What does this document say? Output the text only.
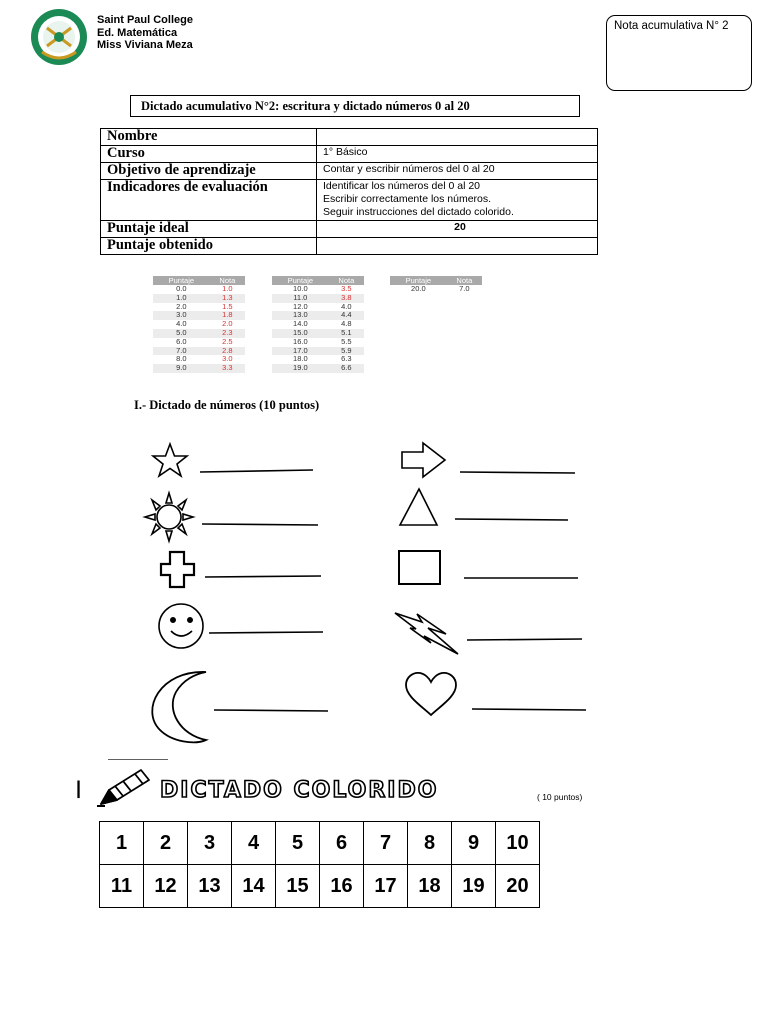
Saint Paul College
Ed. Matemática
Miss Viviana Meza
Nota acumulativa N° 2
Dictado acumulativo N°2: escritura y dictado números 0 al 20
Nombre	
Curso	1° Básico
Objetivo de aprendizaje	Contar y escribir números del 0 al 20
Indicadores de evaluación	Identificar los números del 0 al 20
Escribir correctamente los números.
Seguir instrucciones del dictado colorido.

Puntaje ideal	20
Puntaje obtenido	
Puntaje	Nota
0.0	1.0
1.0	1.3
2.0	1.5
3.0	1.8
4.0	2.0
5.0	2.3
6.0	2.5
7.0	2.8
8.0	3.0
9.0	3.3
Puntaje	Nota
10.0	3.5
11.0	3.8
12.0	4.0
13.0	4.4
14.0	4.8
15.0	5.1
16.0	5.5
17.0	5.9
18.0	6.3
19.0	6.6
Puntaje	Nota
20.0	7.0
I.- Dictado de números (10 puntos)
|	DICTADO COLORIDO	( 10 puntos)
1	2	3	4	5	6	7	8	9	10
11	12	13	14	15	16	17	18	19	20
